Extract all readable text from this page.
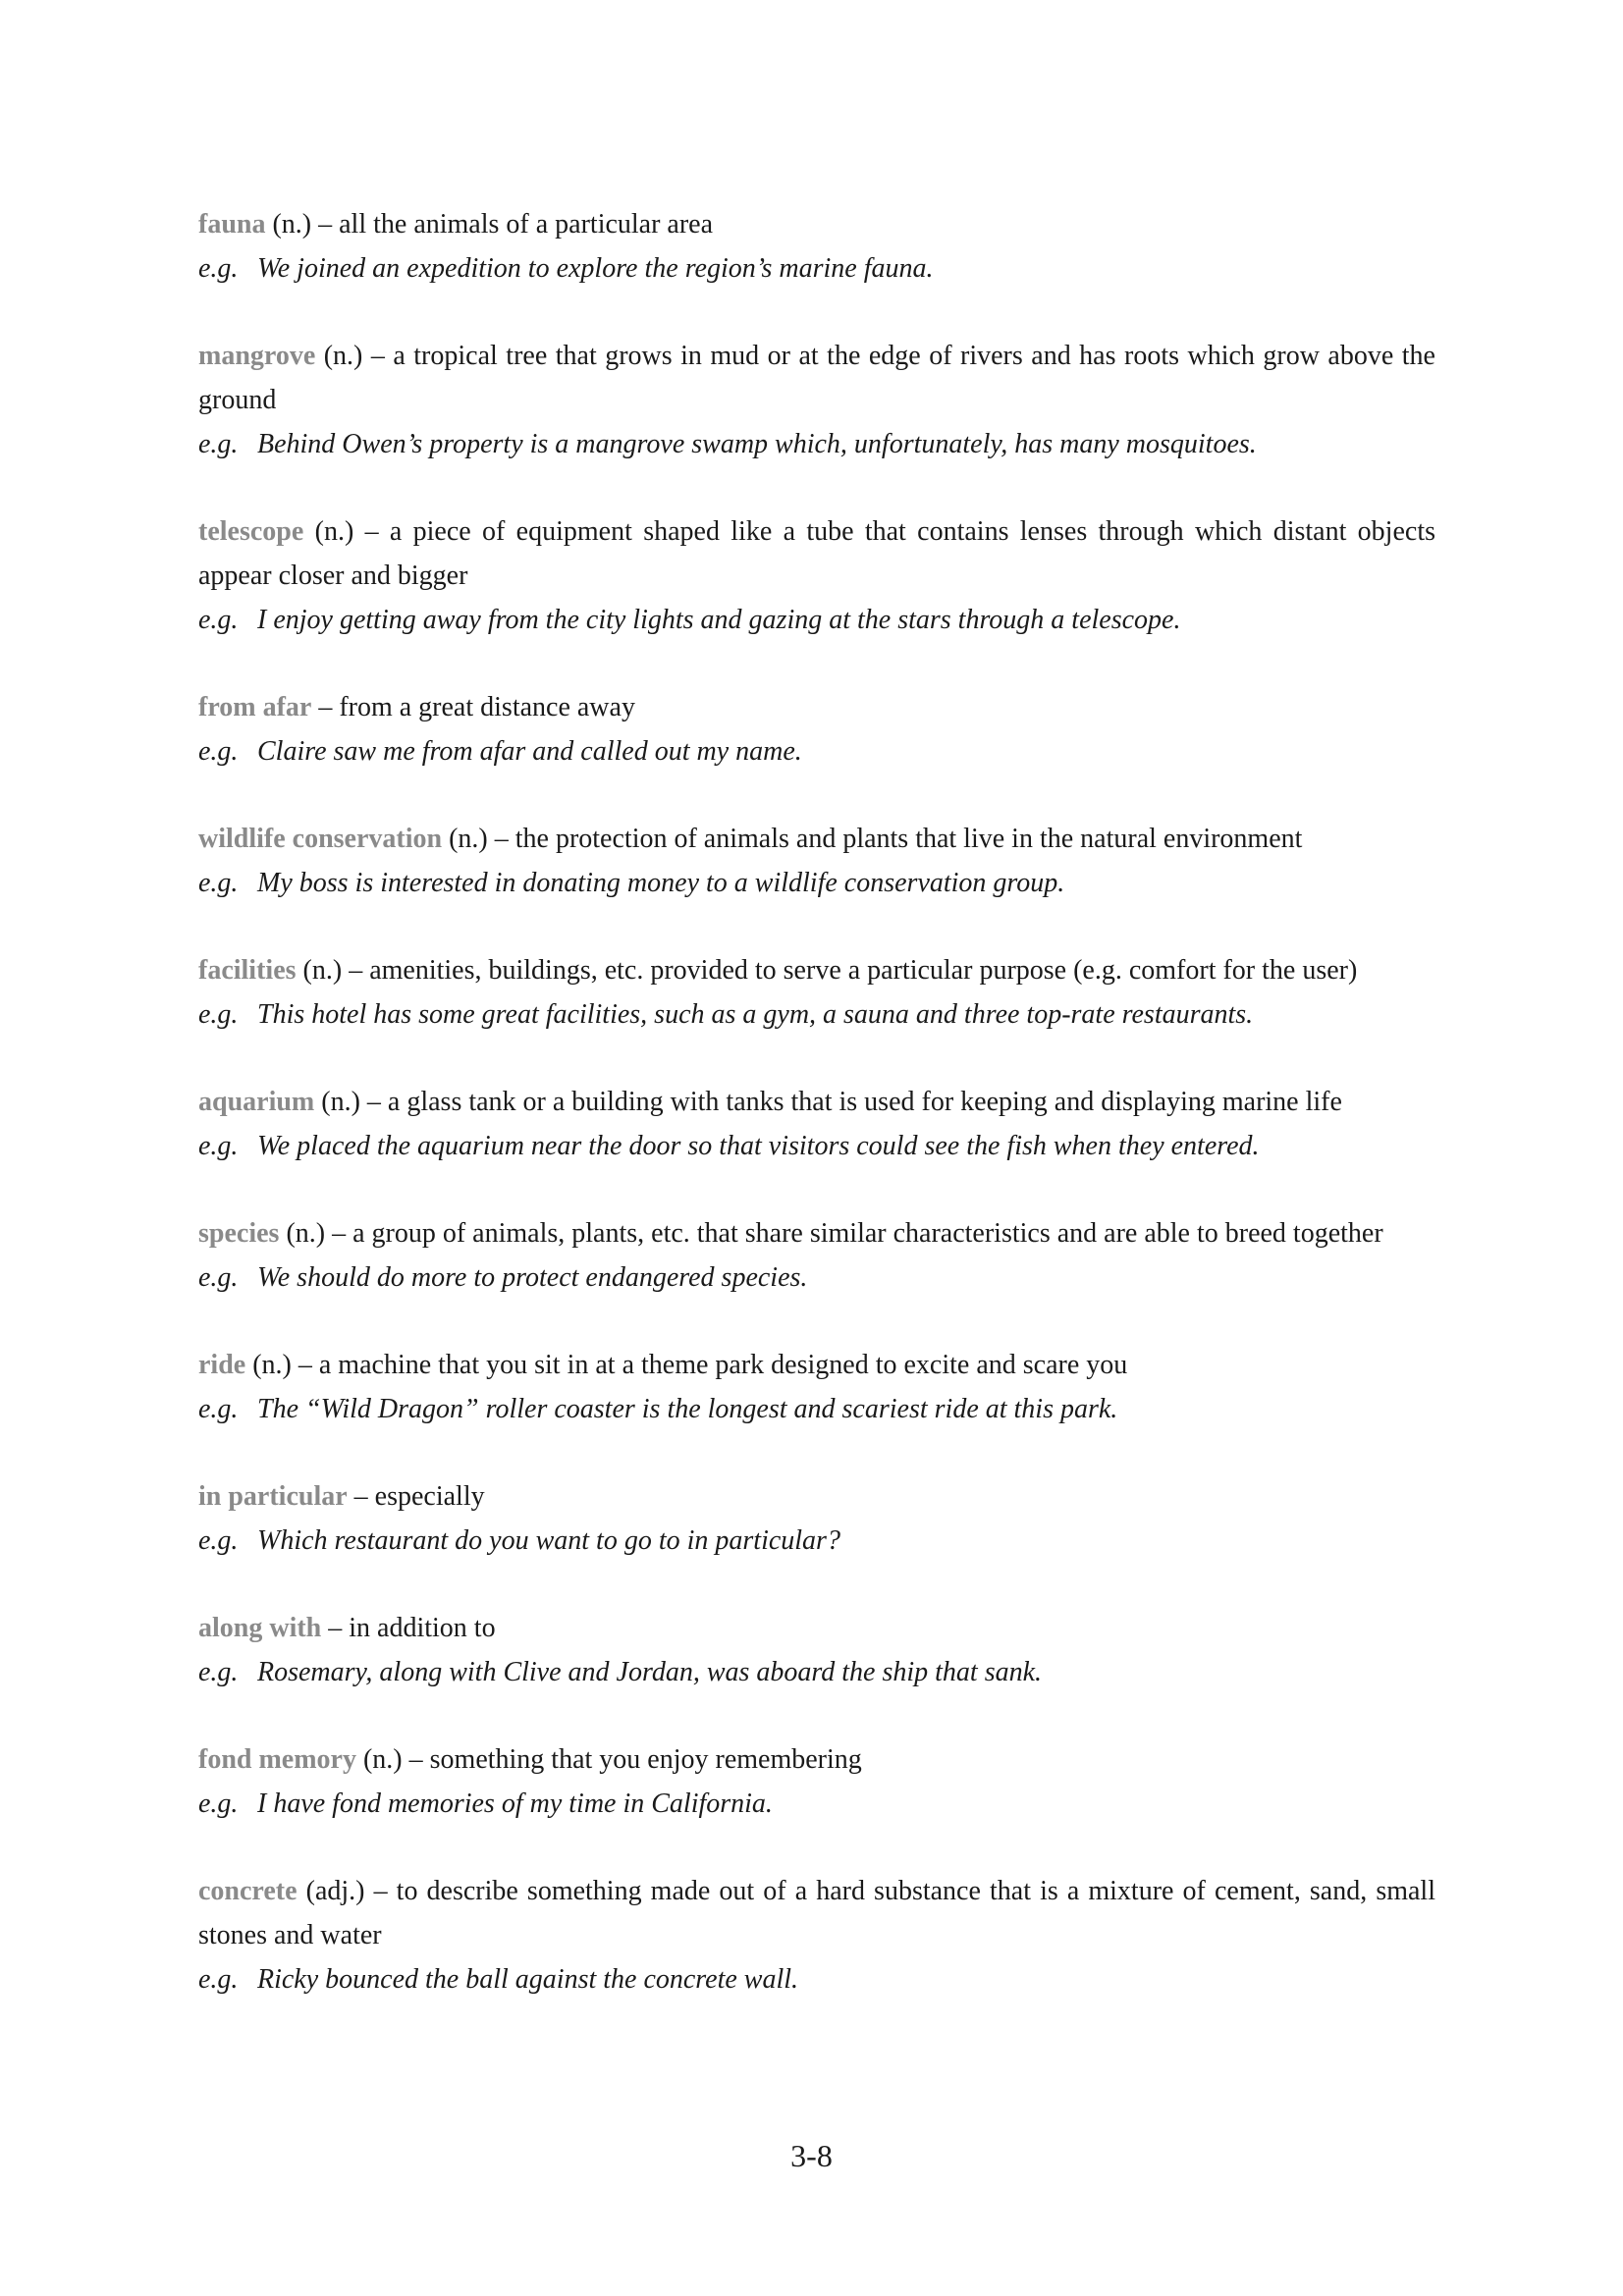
fauna (n.) – all the animals of a particular area

e.g. We joined an expedition to explore the region’s marine fauna.

mangrove (n.) – a tropical tree that grows in mud or at the edge of rivers and has roots which grow above the ground

e.g. Behind Owen’s property is a mangrove swamp which, unfortunately, has many mosquitoes.

telescope (n.) – a piece of equipment shaped like a tube that contains lenses through which distant objects appear closer and bigger

e.g. I enjoy getting away from the city lights and gazing at the stars through a telescope.

from afar – from a great distance away

e.g. Claire saw me from afar and called out my name.

wildlife conservation (n.) – the protection of animals and plants that live in the natural environment

e.g. My boss is interested in donating money to a wildlife conservation group.

facilities (n.) – amenities, buildings, etc. provided to serve a particular purpose (e.g. comfort for the user)

e.g. This hotel has some great facilities, such as a gym, a sauna and three top-rate restaurants.

aquarium (n.) – a glass tank or a building with tanks that is used for keeping and displaying marine life

e.g. We placed the aquarium near the door so that visitors could see the fish when they entered.

species (n.) – a group of animals, plants, etc. that share similar characteristics and are able to breed together

e.g. We should do more to protect endangered species.

ride (n.) – a machine that you sit in at a theme park designed to excite and scare you

e.g. The “Wild Dragon” roller coaster is the longest and scariest ride at this park.

in particular – especially

e.g. Which restaurant do you want to go to in particular?

along with – in addition to

e.g. Rosemary, along with Clive and Jordan, was aboard the ship that sank.

fond memory (n.) – something that you enjoy remembering

e.g. I have fond memories of my time in California.

concrete (adj.) – to describe something made out of a hard substance that is a mixture of cement, sand, small stones and water

e.g. Ricky bounced the ball against the concrete wall.

3-8
